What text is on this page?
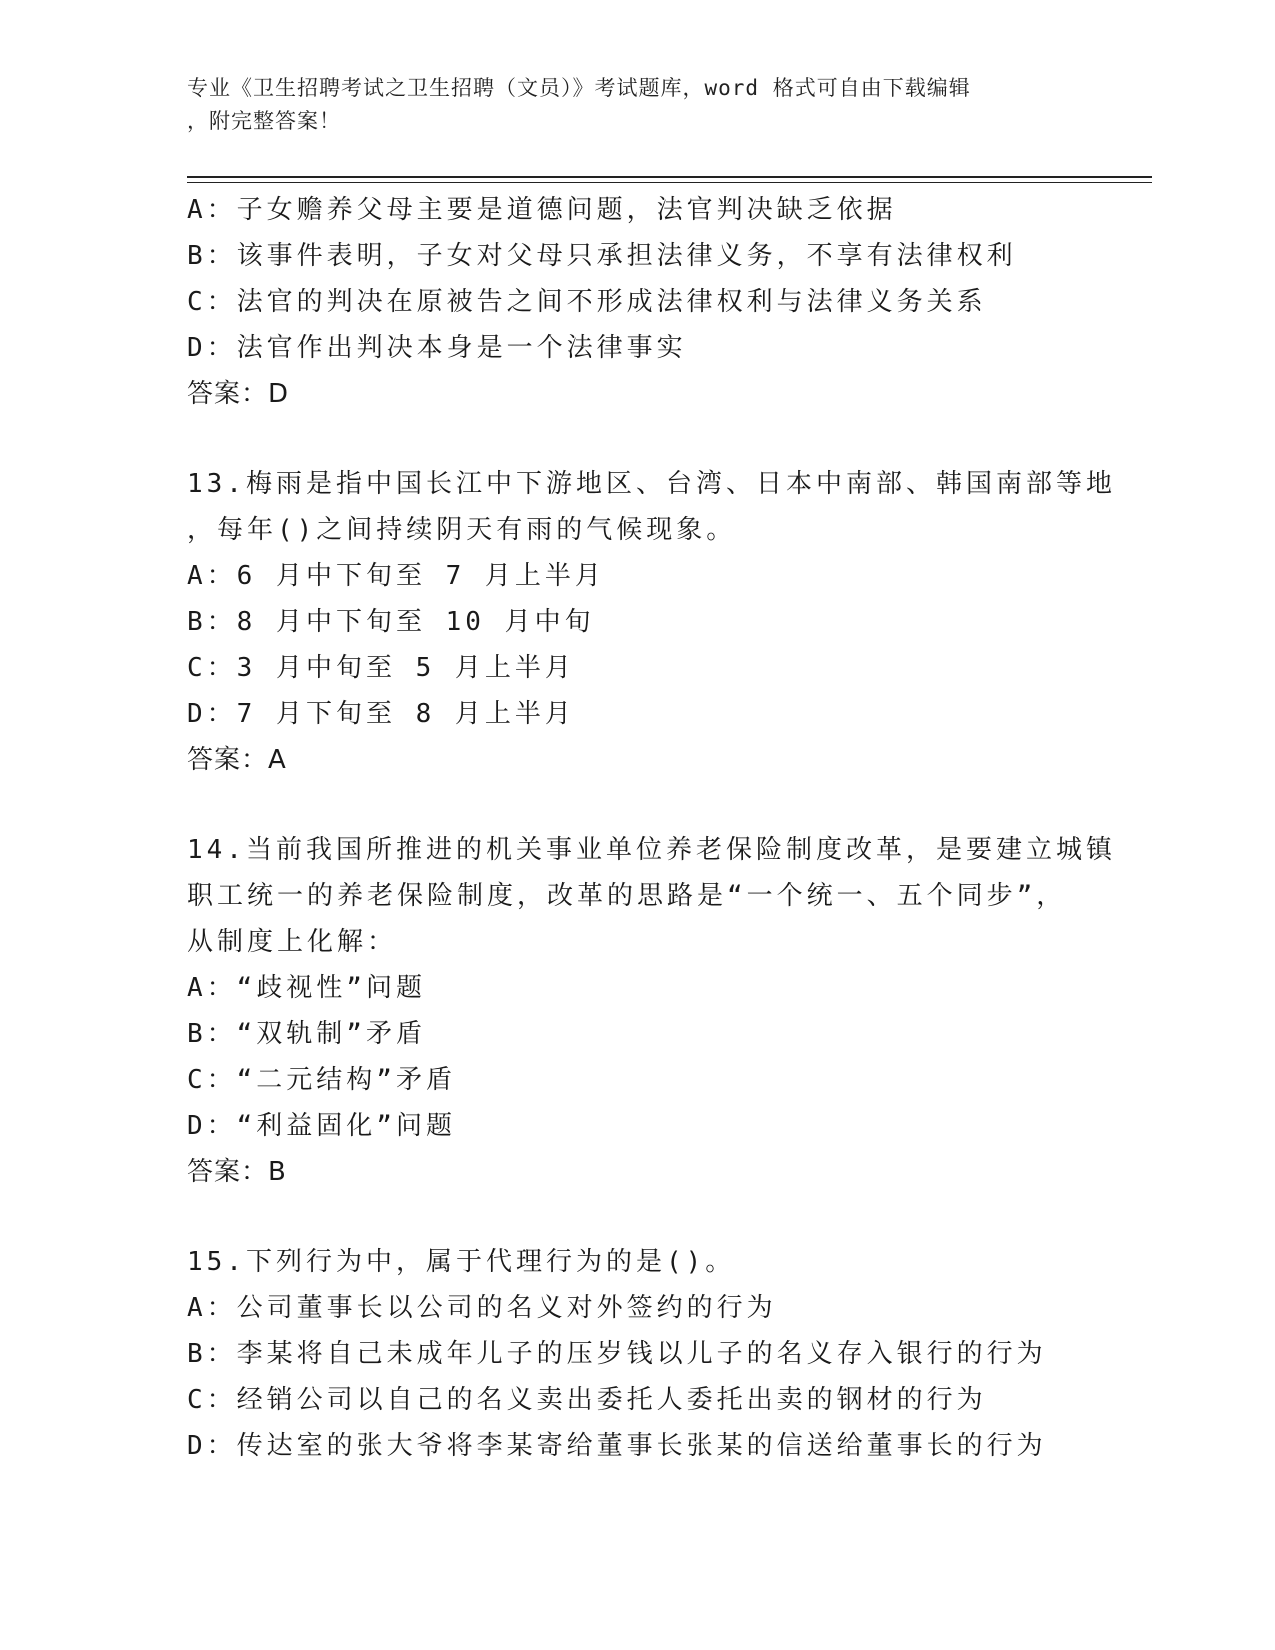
专业《卫生招聘考试之卫生招聘（文员）》考试题库，word 格式可自由下载编辑
，附完整答案！
A：子女赡养父母主要是道德问题，法官判决缺乏依据
B：该事件表明，子女对父母只承担法律义务，不享有法律权利
C：法官的判决在原被告之间不形成法律权利与法律义务关系
D：法官作出判决本身是一个法律事实
答案：D
13.梅雨是指中国长江中下游地区、台湾、日本中南部、韩国南部等地
，每年()之间持续阴天有雨的气候现象。
A：6 月中下旬至 7 月上半月
B：8 月中下旬至 10 月中旬
C：3 月中旬至 5 月上半月
D：7 月下旬至 8 月上半月
答案：A
14.当前我国所推进的机关事业单位养老保险制度改革，是要建立城镇
职工统一的养老保险制度，改革的思路是“一个统一、五个同步”，
从制度上化解：
A：“歧视性”问题
B：“双轨制”矛盾
C：“二元结构”矛盾
D：“利益固化”问题
答案：B
15.下列行为中，属于代理行为的是()。
A：公司董事长以公司的名义对外签约的行为
B：李某将自己未成年儿子的压岁钱以儿子的名义存入银行的行为
C：经销公司以自己的名义卖出委托人委托出卖的钢材的行为
D：传达室的张大爷将李某寄给董事长张某的信送给董事长的行为
